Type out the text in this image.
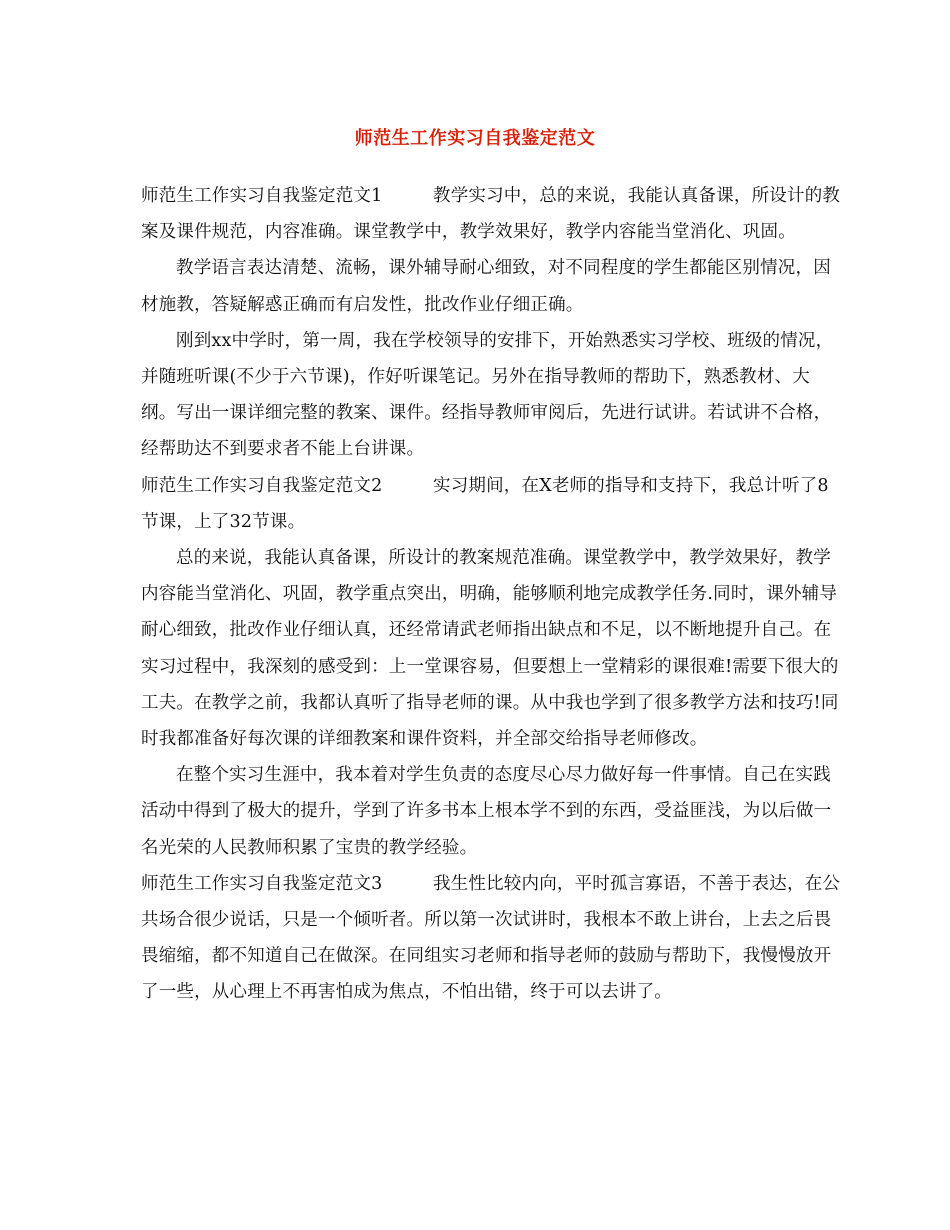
师范生工作实习自我鉴定范文

师范生工作实习自我鉴定范文1	教学实习中，总的来说，我能认真备课，所设计的教案及课件规范，内容准确。课堂教学中，教学效果好，教学内容能当堂消化、巩固。

教学语言表达清楚、流畅，课外辅导耐心细致，对不同程度的学生都能区别情况，因材施教，答疑解惑正确而有启发性，批改作业仔细正确。

刚到xx中学时，第一周，我在学校领导的安排下，开始熟悉实习学校、班级的情况，并随班听课(不少于六节课)，作好听课笔记。另外在指导教师的帮助下，熟悉教材、大纲。写出一课详细完整的教案、课件。经指导教师审阅后，先进行试讲。若试讲不合格，经帮助达不到要求者不能上台讲课。

师范生工作实习自我鉴定范文2	实习期间，在X老师的指导和支持下，我总计听了8 节课，上了32节课。

总的来说，我能认真备课，所设计的教案规范准确。课堂教学中，教学效果好，教学内容能当堂消化、巩固，教学重点突出，明确，能够顺利地完成教学任务.同时，课外辅导耐心细致，批改作业仔细认真，还经常请武老师指出缺点和不足，以不断地提升自己。在实习过程中，我深刻的感受到：上一堂课容易，但要想上一堂精彩的课很难!需要下很大的工夫。在教学之前，我都认真听了指导老师的课。从中我也学到了很多教学方法和技巧!同时我都准备好每次课的详细教案和课件资料，并全部交给指导老师修改。

在整个实习生涯中，我本着对学生负责的态度尽心尽力做好每一件事情。自己在实践活动中得到了极大的提升，学到了许多书本上根本学不到的东西，受益匪浅，为以后做一名光荣的人民教师积累了宝贵的教学经验。

师范生工作实习自我鉴定范文3	我生性比较内向，平时孤言寡语，不善于表达，在公共场合很少说话，只是一个倾听者。所以第一次试讲时，我根本不敢上讲台，上去之后畏畏缩缩，都不知道自己在做深。在同组实习老师和指导老师的鼓励与帮助下，我慢慢放开了一些，从心理上不再害怕成为焦点，不怕出错，终于可以去讲了。
